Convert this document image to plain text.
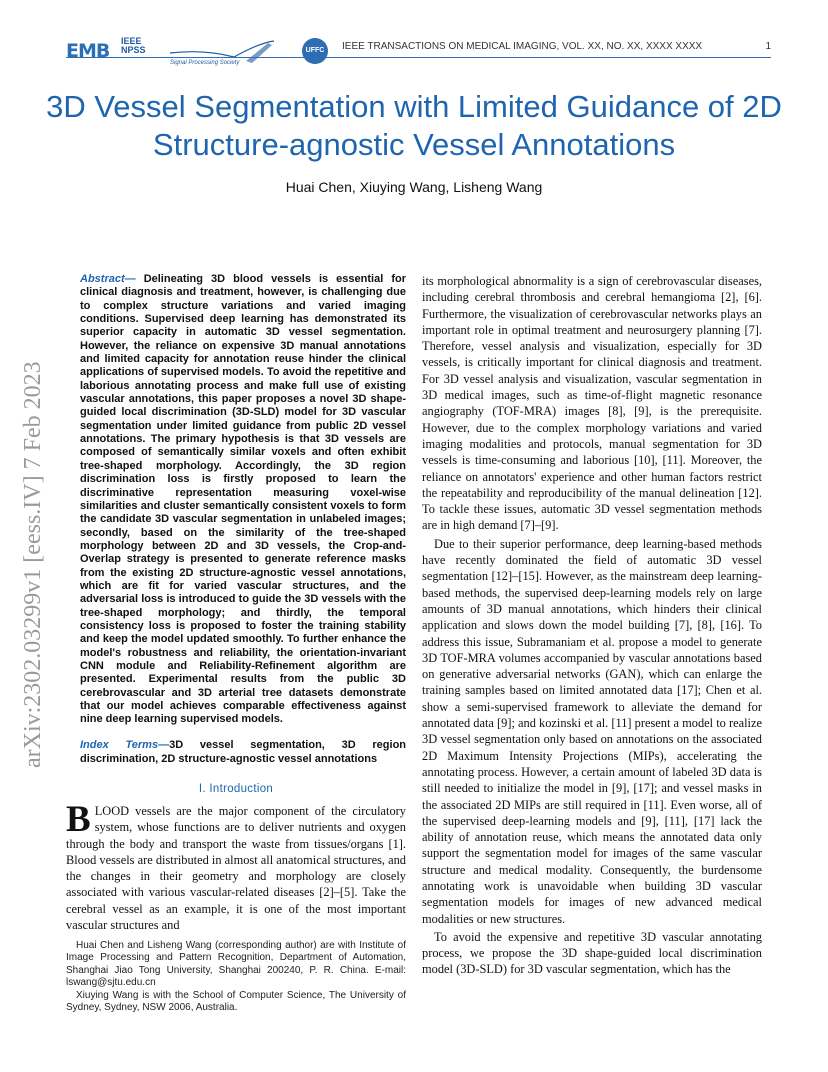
EMB IEEE
NPSS
Signal Processing Society
UFFC	IEEE TRANSACTIONS ON MEDICAL IMAGING, VOL. XX, NO. XX, XXXX XXXX	1
3D Vessel Segmentation with Limited Guidance of 2D Structure-agnostic Vessel Annotations
Huai Chen, Xiuying Wang, Lisheng Wang
arXiv:2302.03299v1 [eess.IV] 7 Feb 2023
Abstract— Delineating 3D blood vessels is essential for clinical diagnosis and treatment, however, is challenging due to complex structure variations and varied imaging conditions. Supervised deep learning has demonstrated its superior capacity in automatic 3D vessel segmentation. However, the reliance on expensive 3D manual annotations and limited capacity for annotation reuse hinder the clinical applications of supervised models. To avoid the repetitive and laborious annotating process and make full use of existing vascular annotations, this paper proposes a novel 3D shape-guided local discrimination (3D-SLD) model for 3D vascular segmentation under limited guidance from public 2D vessel annotations. The primary hypothesis is that 3D vessels are composed of semantically similar voxels and often exhibit tree-shaped morphology. Accordingly, the 3D region discrimination loss is firstly proposed to learn the discriminative representation measuring voxel-wise similarities and cluster semantically consistent voxels to form the candidate 3D vascular segmentation in unlabeled images; secondly, based on the similarity of the tree-shaped morphology between 2D and 3D vessels, the Crop-and-Overlap strategy is presented to generate reference masks from the existing 2D structure-agnostic vessel annotations, which are fit for varied vascular structures, and the adversarial loss is introduced to guide the 3D vessels with the tree-shaped morphology; and thirdly, the temporal consistency loss is proposed to foster the training stability and keep the model updated smoothly. To further enhance the model's robustness and reliability, the orientation-invariant CNN module and Reliability-Refinement algorithm are presented. Experimental results from the public 3D cerebrovascular and 3D arterial tree datasets demonstrate that our model achieves comparable effectiveness against nine deep learning supervised models.
Index Terms—3D vessel segmentation, 3D region discrimination, 2D structure-agnostic vessel annotations
I. Introduction
BLOOD vessels are the major component of the circulatory system, whose functions are to deliver nutrients and oxygen through the body and transport the waste from tissues/organs [1]. Blood vessels are distributed in almost all anatomical structures, and the changes in their geometry and morphology are closely associated with various vascular-related diseases [2]–[5]. Take the cerebral vessel as an example, it is one of the most important vascular structures and

Huai Chen and Lisheng Wang (corresponding author) are with Institute of Image Processing and Pattern Recognition, Department of Automation, Shanghai Jiao Tong University, Shanghai 200240, P. R. China. E-mail: lswang@sjtu.edu.cn

Xiuying Wang is with the School of Computer Science, The University of Sydney, Sydney, NSW 2006, Australia.

its morphological abnormality is a sign of cerebrovascular diseases, including cerebral thrombosis and cerebral hemangioma [2], [6]. Furthermore, the visualization of cerebrovascular networks plays an important role in optimal treatment and neurosurgery planning [7]. Therefore, vessel analysis and visualization, especially for 3D vessels, is critically important for clinical diagnosis and treatment. For 3D vessel analysis and visualization, vascular segmentation in 3D medical images, such as time-of-flight magnetic resonance angiography (TOF-MRA) images [8], [9], is the prerequisite. However, due to the complex morphology variations and varied imaging modalities and protocols, manual segmentation for 3D vessels is time-consuming and laborious [10], [11]. Moreover, the reliance on annotators' experience and other human factors restrict the repeatability and reproducibility of the manual delineation [12]. To tackle these issues, automatic 3D vessel segmentation methods are in high demand [7]–[9].

Due to their superior performance, deep learning-based methods have recently dominated the field of automatic 3D vessel segmentation [12]–[15]. However, as the mainstream deep learning-based methods, the supervised deep-learning models rely on large amounts of 3D manual annotations, which hinders their clinical application and slows down the model building [7], [8], [16]. To address this issue, Subramaniam et al. propose a model to generate 3D TOF-MRA volumes accompanied by vascular annotations based on generative adversarial networks (GAN), which can enlarge the training samples based on limited annotated data [17]; Chen et al. show a semi-supervised framework to alleviate the demand for annotated data [9]; and kozinski et al. [11] present a model to realize 3D vessel segmentation only based on annotations on the associated 2D Maximum Intensity Projections (MIPs), accelerating the annotating process. However, a certain amount of labeled 3D data is still needed to initialize the model in [9], [17]; and vessel masks in the associated 2D MIPs are still required in [11]. Even worse, all of the supervised deep-learning models and [9], [11], [17] lack the ability of annotation reuse, which means the annotated data only support the segmentation model for images of the same vascular structure and medical modality. Consequently, the burdensome annotating work is unavoidable when building 3D vascular segmentation models for images of new advanced medical modalities or new structures.

To avoid the expensive and repetitive 3D vascular annotating process, we propose the 3D shape-guided local discrimination model (3D-SLD) for 3D vascular segmentation, which has the
